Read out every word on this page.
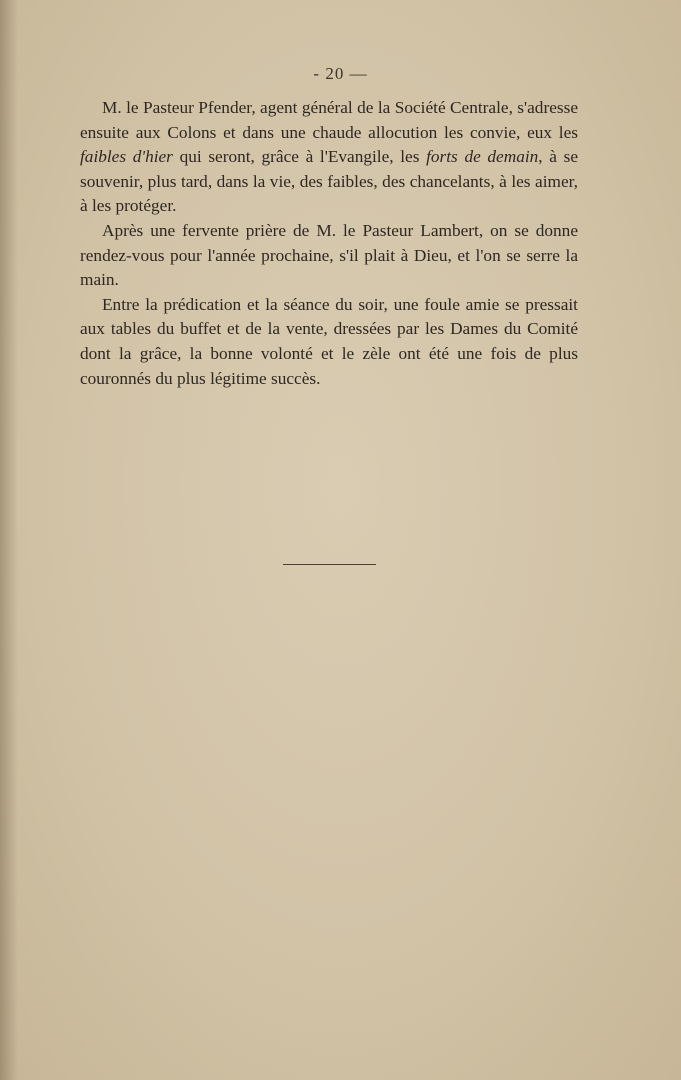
- 20 —

M. le Pasteur Pfender, agent général de la Société Centrale, s'adresse ensuite aux Colons et dans une chaude allocution les convie, eux les faibles d'hier qui seront, grâce à l'Evangile, les forts de demain, à se souvenir, plus tard, dans la vie, des faibles, des chancelants, à les aimer, à les protéger.

Après une fervente prière de M. le Pasteur Lambert, on se donne rendez-vous pour l'année prochaine, s'il plait à Dieu, et l'on se serre la main.

Entre la prédication et la séance du soir, une foule amie se pressait aux tables du buffet et de la vente, dressées par les Dames du Comité dont la grâce, la bonne volonté et le zèle ont été une fois de plus couronnés du plus légitime succès.
